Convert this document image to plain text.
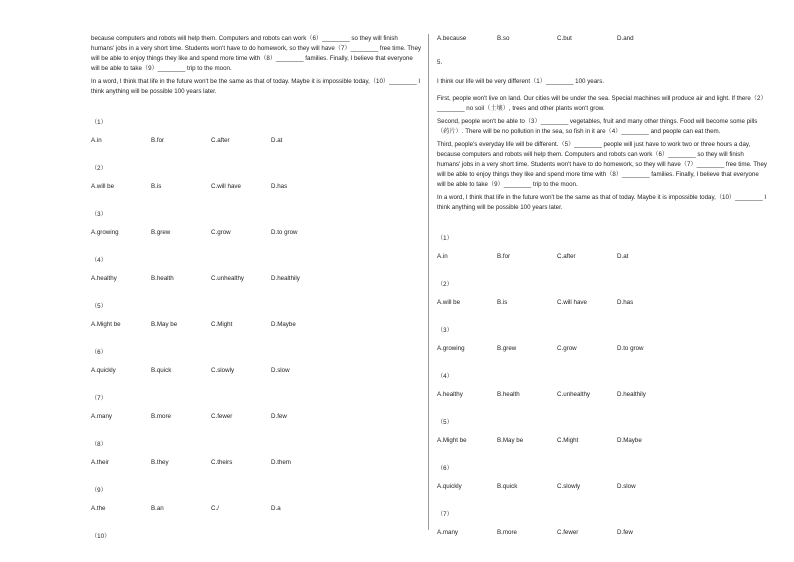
because computers and robots will help them. Computers and robots can work（6）________ so they will finish humans' jobs in a very short time. Students won't have to do homework, so they will have（7）________ free time. They will be able to enjoy things they like and spend more time with（8）________ families. Finally, I believe that everyone will be able to take（9）________ trip to the moon.

In a word, I think that life in the future won't be the same as that of today. Maybe it is impossible today,（10）________ I think anything will be possible 100 years later.

（1）
A.in	B.for	C.after	D.at
（2）
A.will be	B.is	C.will have	D.has
（3）
A.growing	B.grew	C.grow	D.to grow
（4）
A.healthy	B.health	C.unhealthy	D.healthily
（5）
A.Might be	B.May be	C.Might	D.Maybe
（6）
A.quickly	B.quick	C.slowly	D.slow
（7）
A.many	B.more	C.fewer	D.few
（8）
A.their	B.they	C.theirs	D.them
（9）
A.the	B.an	C./	D.a
（10）
A.because	B.so	C.but	D.and
5.

I think our life will be very different（1）________ 100 years.

First, people won't live on land. Our cities will be under the sea. Special machines will produce air and light. If there（2）________ no soil（土壤）, trees and other plants won't grow.

Second, people won't be able to（3）________ vegetables, fruit and many other things. Food will become some pills（药片）. There will be no pollution in the sea, so fish in it are（4）________ and people can eat them.

Third, people's everyday life will be different.（5）________ people will just have to work two or three hours a day, because computers and robots will help them. Computers and robots can work（6）________ so they will finish humans' jobs in a very short time. Students won't have to do homework, so they will have（7）________ free time. They will be able to enjoy things they like and spend more time with（8）________ families. Finally, I believe that everyone will be able to take（9）________ trip to the moon.

In a word, I think that life in the future won't be the same as that of today. Maybe it is impossible today,（10）________ I think anything will be possible 100 years later.

（1）
A.in	B.for	C.after	D.at
（2）
A.will be	B.is	C.will have	D.has
（3）
A.growing	B.grew	C.grow	D.to grow
（4）
A.healthy	B.health	C.unhealthy	D.healthily
（5）
A.Might be	B.May be	C.Might	D.Maybe
（6）
A.quickly	B.quick	C.slowly	D.slow
（7）
A.many	B.more	C.fewer	D.few
